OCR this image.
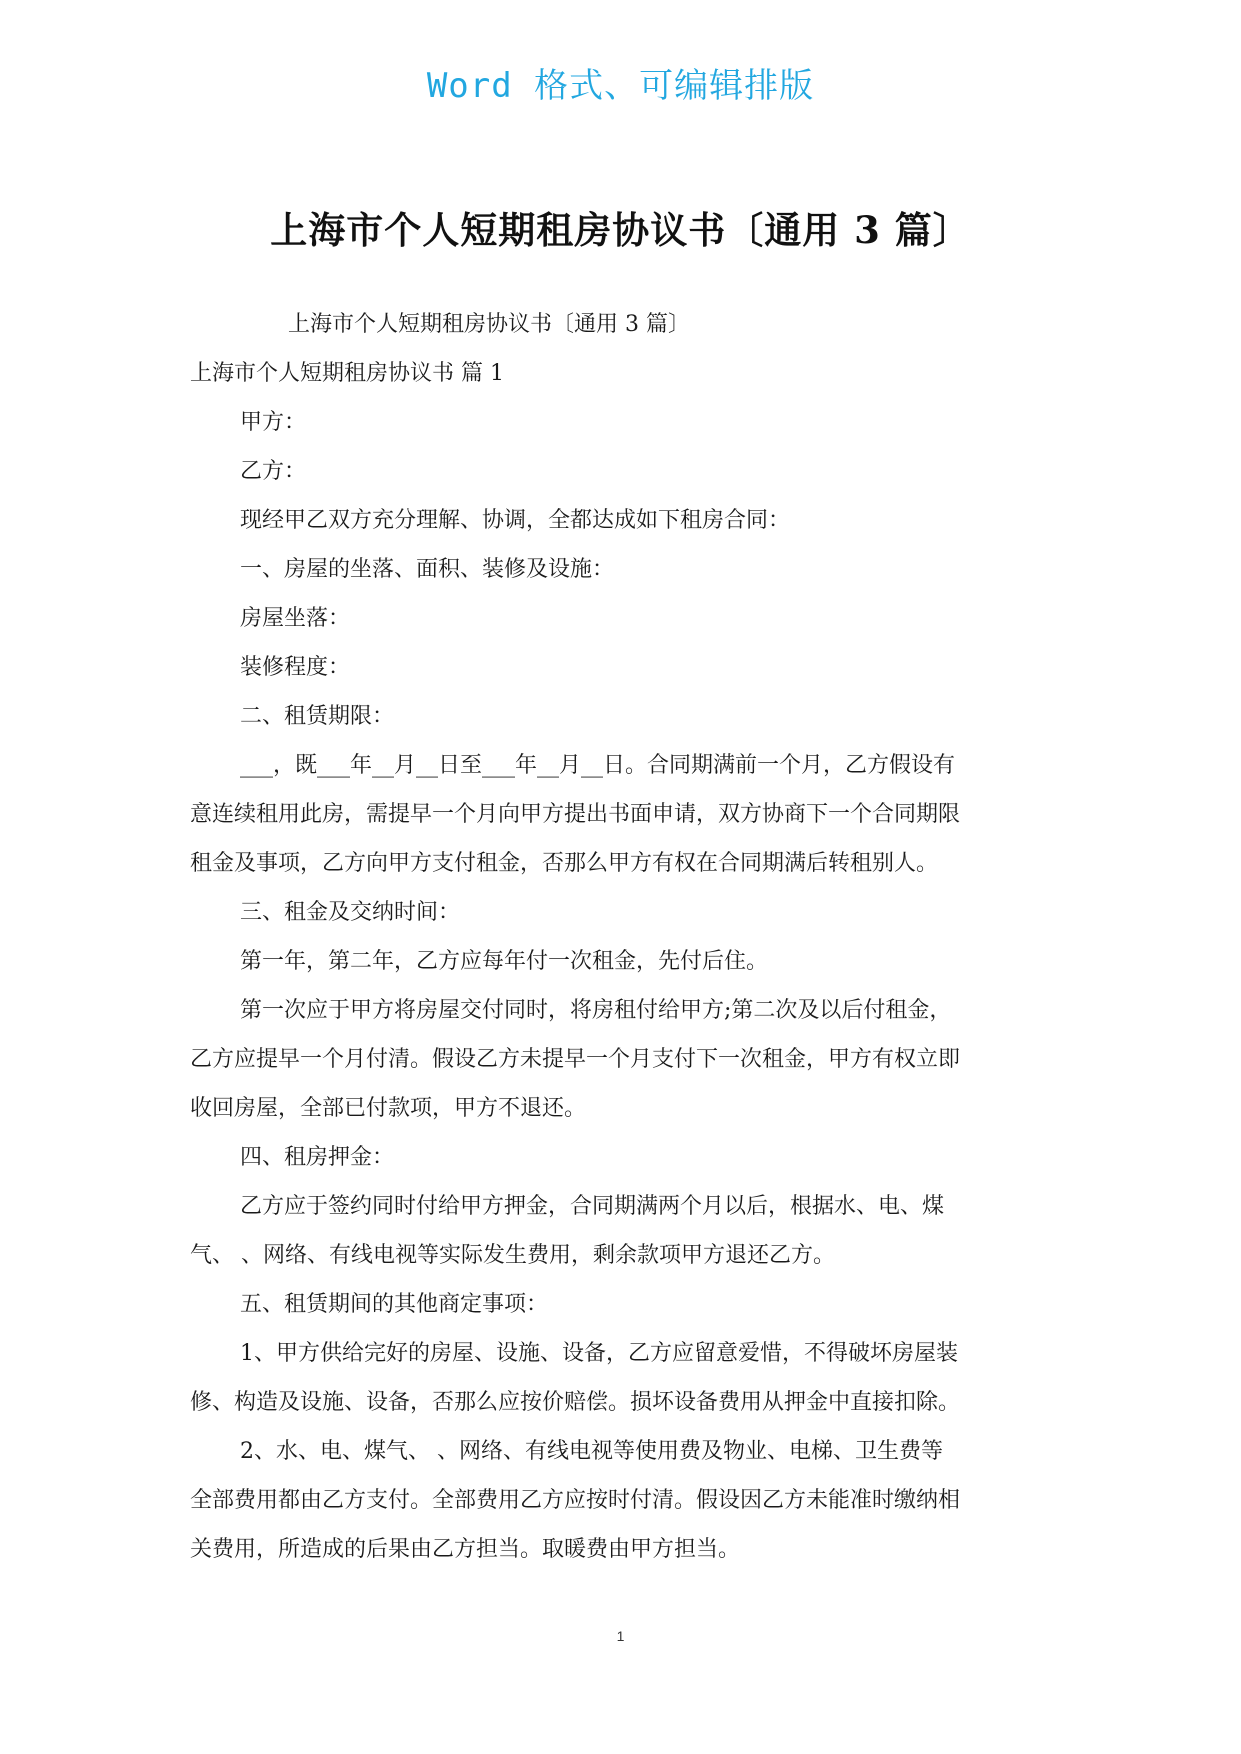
Word 格式、可编辑排版
上海市个人短期租房协议书〔通用 3 篇〕

上海市个人短期租房协议书〔通用 3 篇〕

上海市个人短期租房协议书 篇 1

甲方：

乙方：

现经甲乙双方充分理解、协调，全都达成如下租房合同：

一、房屋的坐落、面积、装修及设施：

房屋坐落：

装修程度：

二、租赁期限：

___，既___年__月__日至___年__月__日。合同期满前一个月，乙方假设有

意连续租用此房，需提早一个月向甲方提出书面申请，双方协商下一个合同期限

租金及事项，乙方向甲方支付租金，否那么甲方有权在合同期满后转租别人。

三、租金及交纳时间：

第一年，第二年，乙方应每年付一次租金，先付后住。

第一次应于甲方将房屋交付同时，将房租付给甲方;第二次及以后付租金，

乙方应提早一个月付清。假设乙方未提早一个月支付下一次租金，甲方有权立即

收回房屋，全部已付款项，甲方不退还。

四、租房押金：

乙方应于签约同时付给甲方押金，合同期满两个月以后，根据水、电、煤

气、 、网络、有线电视等实际发生费用，剩余款项甲方退还乙方。

五、租赁期间的其他商定事项：

1、甲方供给完好的房屋、设施、设备，乙方应留意爱惜，不得破坏房屋装

修、构造及设施、设备，否那么应按价赔偿。损坏设备费用从押金中直接扣除。

2、水、电、煤气、 、网络、有线电视等使用费及物业、电梯、卫生费等

全部费用都由乙方支付。全部费用乙方应按时付清。假设因乙方未能准时缴纳相

关费用，所造成的后果由乙方担当。取暖费由甲方担当。

1
